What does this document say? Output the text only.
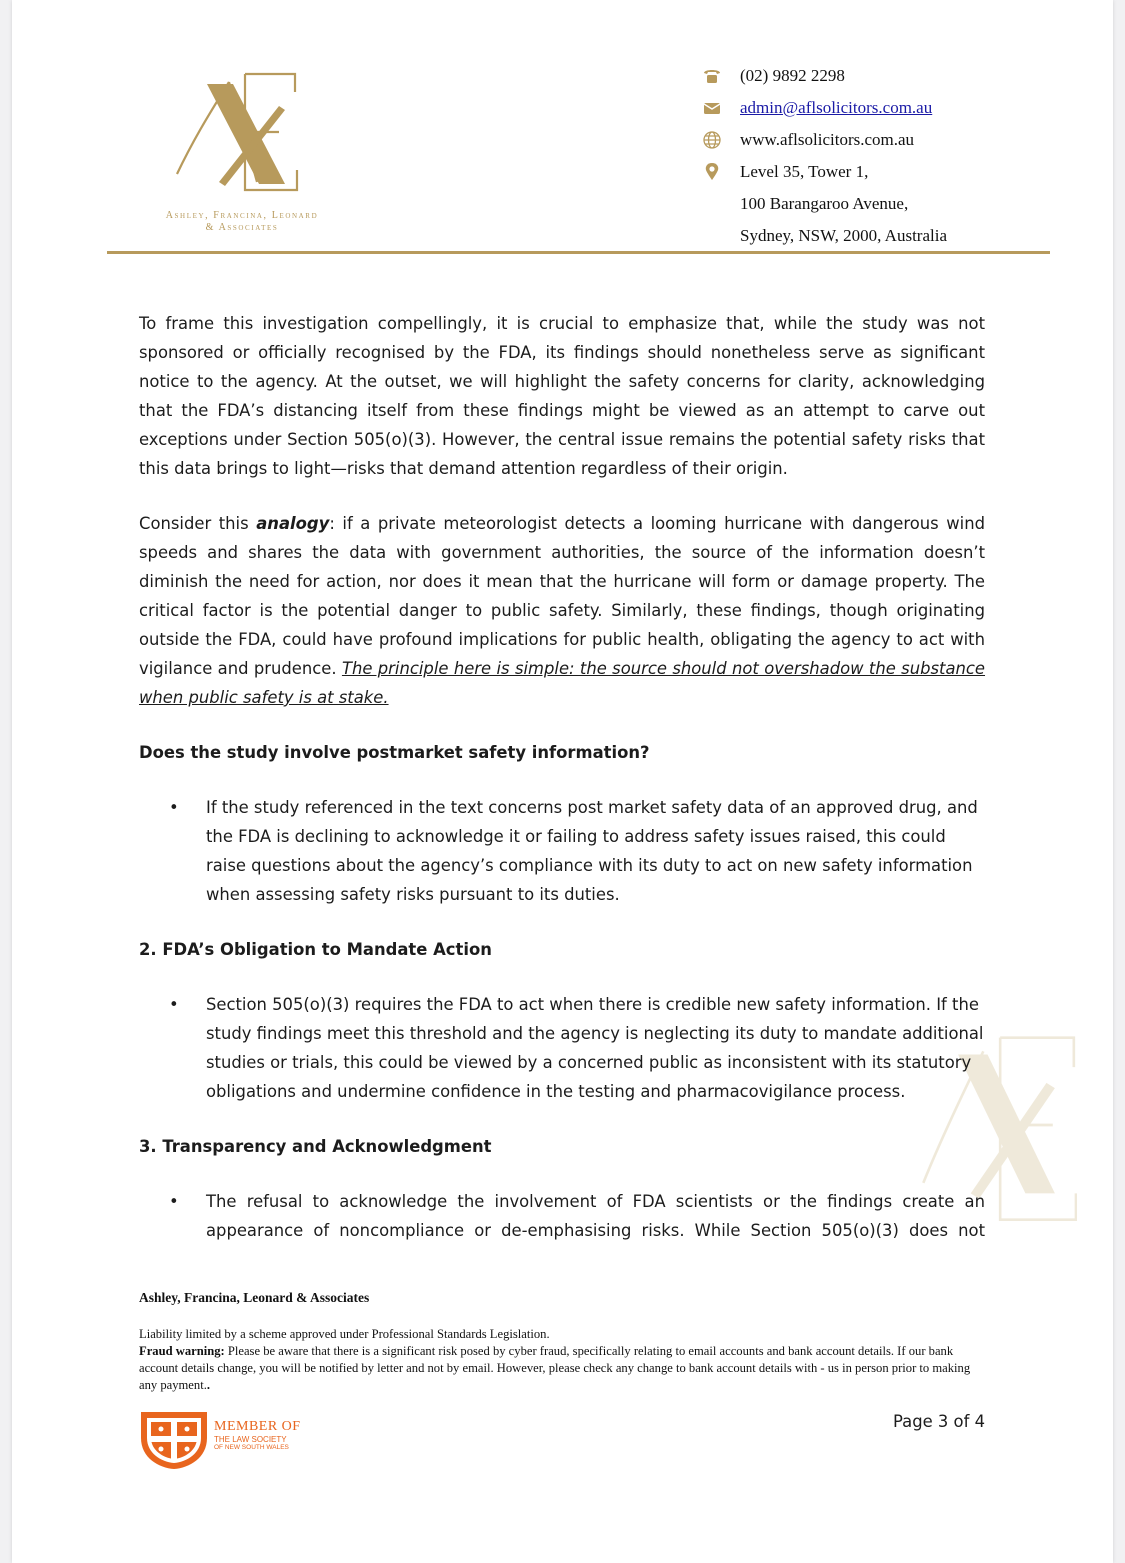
Ashley, Francina, Leonard
& Associates
(02) 9892 2298
admin@aflsolicitors.com.au
www.aflsolicitors.com.au
Level 35, Tower 1,
100 Barangaroo Avenue,
Sydney, NSW, 2000, Australia

To frame this investigation compellingly, it is crucial to emphasize that, while the study was not sponsored or officially recognised by the FDA, its findings should nonetheless serve as significant notice to the agency. At the outset, we will highlight the safety concerns for clarity, acknowledging that the FDA’s distancing itself from these findings might be viewed as an attempt to carve out exceptions under Section 505(o)(3). However, the central issue remains the potential safety risks that this data brings to light—risks that demand attention regardless of their origin.

Consider this analogy: if a private meteorologist detects a looming hurricane with dangerous wind speeds and shares the data with government authorities, the source of the information doesn’t diminish the need for action, nor does it mean that the hurricane will form or damage property. The critical factor is the potential danger to public safety. Similarly, these findings, though originating outside the FDA, could have profound implications for public health, obligating the agency to act with vigilance and prudence. The principle here is simple: the source should not overshadow the substance when public safety is at stake.

Does the study involve postmarket safety information?

• If the study referenced in the text concerns post market safety data of an approved drug, and the FDA is declining to acknowledge it or failing to address safety issues raised, this could raise questions about the agency’s compliance with its duty to act on new safety information when assessing safety risks pursuant to its duties.

2. FDA’s Obligation to Mandate Action

• Section 505(o)(3) requires the FDA to act when there is credible new safety information. If the study findings meet this threshold and the agency is neglecting its duty to mandate additional studies or trials, this could be viewed by a concerned public as inconsistent with its statutory obligations and undermine confidence in the testing and pharmacovigilance process.

3. Transparency and Acknowledgment

• The refusal to acknowledge the involvement of FDA scientists or the findings create an appearance of noncompliance or de-emphasising risks. While Section 505(o)(3) does not
Ashley, Francina, Leonard & Associates
Liability limited by a scheme approved under Professional Standards Legislation.
Fraud warning: Please be aware that there is a significant risk posed by cyber fraud, specifically relating to email accounts and bank account details. If our bank account details change, you will be notified by letter and not by email. However, please check any change to bank account details with - us in person prior to making any payment..
MEMBER OF
THE LAW SOCIETY
OF NEW SOUTH WALES
Page 3 of 4
